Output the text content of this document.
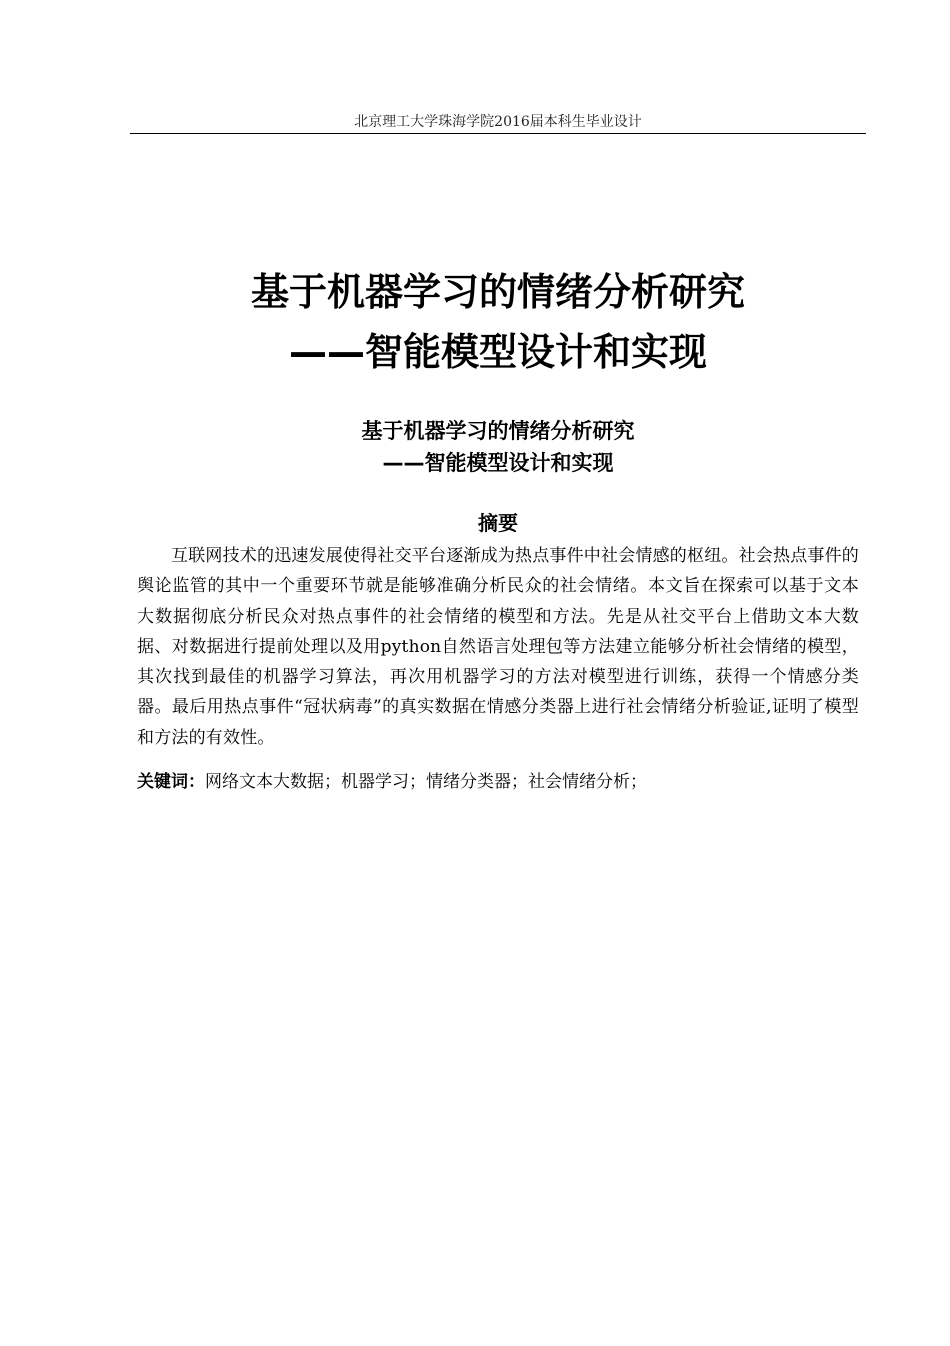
北京理工大学珠海学院2016届本科生毕业设计
基于机器学习的情绪分析研究
——智能模型设计和实现
基于机器学习的情绪分析研究
——智能模型设计和实现
摘要

互联网技术的迅速发展使得社交平台逐渐成为热点事件中社会情感的枢纽。社会热点事件的舆论监管的其中一个重要环节就是能够准确分析民众的社会情绪。本文旨在探索可以基于文本大数据彻底分析民众对热点事件的社会情绪的模型和方法。先是从社交平台上借助文本大数据、对数据进行提前处理以及用python自然语言处理包等方法建立能够分析社会情绪的模型，其次找到最佳的机器学习算法，再次用机器学习的方法对模型进行训练，获得一个情感分类器。最后用热点事件“冠状病毒”的真实数据在情感分类器上进行社会情绪分析验证,证明了模型和方法的有效性。

关键词：网络文本大数据；机器学习；情绪分类器；社会情绪分析；
